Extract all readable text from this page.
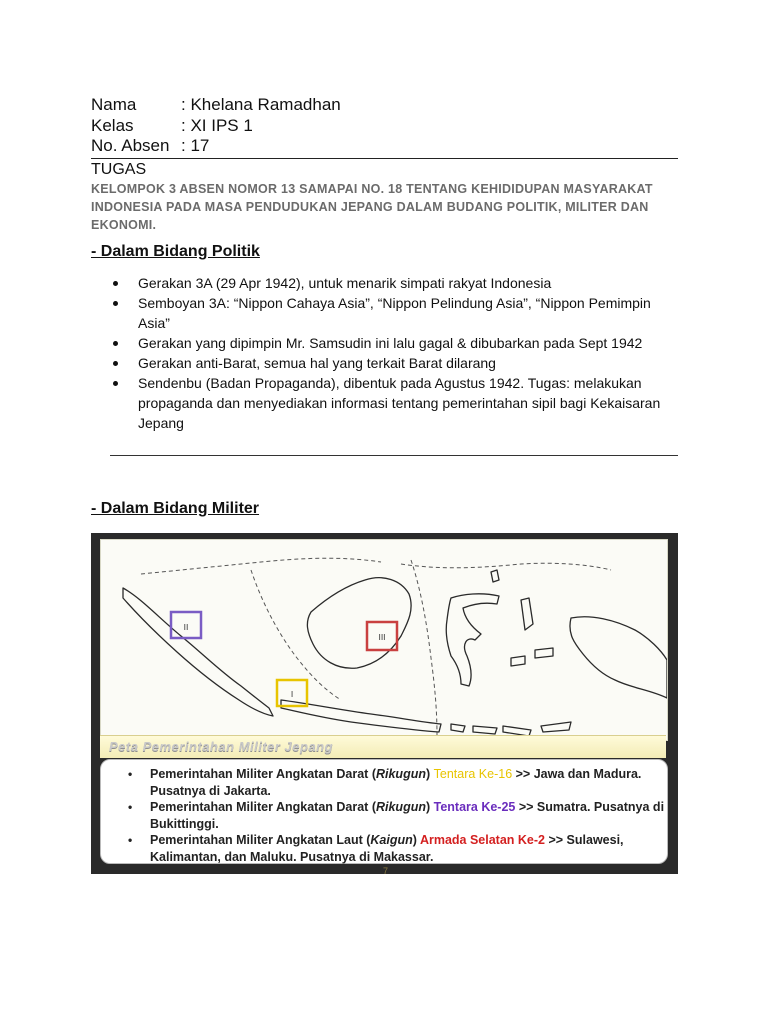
Nama	: Khelana Ramadhan
Kelas	: XI IPS 1
No. Absen : 17
TUGAS
KELOMPOK 3 ABSEN NOMOR 13 SAMAPAI NO. 18 TENTANG KEHIDIDUPAN MASYARAKAT INDONESIA PADA MASA PENDUDUKAN JEPANG DALAM BUDANG POLITIK, MILITER DAN EKONOMI.
- Dalam Bidang Politik
Gerakan 3A (29 Apr 1942), untuk menarik simpati rakyat Indonesia
Semboyan 3A: “Nippon Cahaya Asia”, “Nippon Pelindung Asia”, “Nippon Pemimpin Asia”
Gerakan yang dipimpin Mr. Samsudin ini lalu gagal & dibubarkan pada Sept 1942
Gerakan anti-Barat, semua hal yang terkait Barat dilarang
Sendenbu (Badan Propaganda), dibentuk pada Agustus 1942. Tugas: melakukan propaganda dan menyediakan informasi tentang pemerintahan sipil bagi Kekaisaran Jepang
- Dalam Bidang Militer
II
I
III
Peta Pemerintahan Militer Jepang
• Pemerintahan Militer Angkatan Darat (Rikugun) Tentara Ke-16 >> Jawa dan Madura. Pusatnya di Jakarta.
• Pemerintahan Militer Angkatan Darat (Rikugun) Tentara Ke-25 >> Sumatra. Pusatnya di Bukittinggi.
• Pemerintahan Militer Angkatan Laut (Kaigun) Armada Selatan Ke-2 >> Sulawesi, Kalimantan, dan Maluku. Pusatnya di Makassar.
7
